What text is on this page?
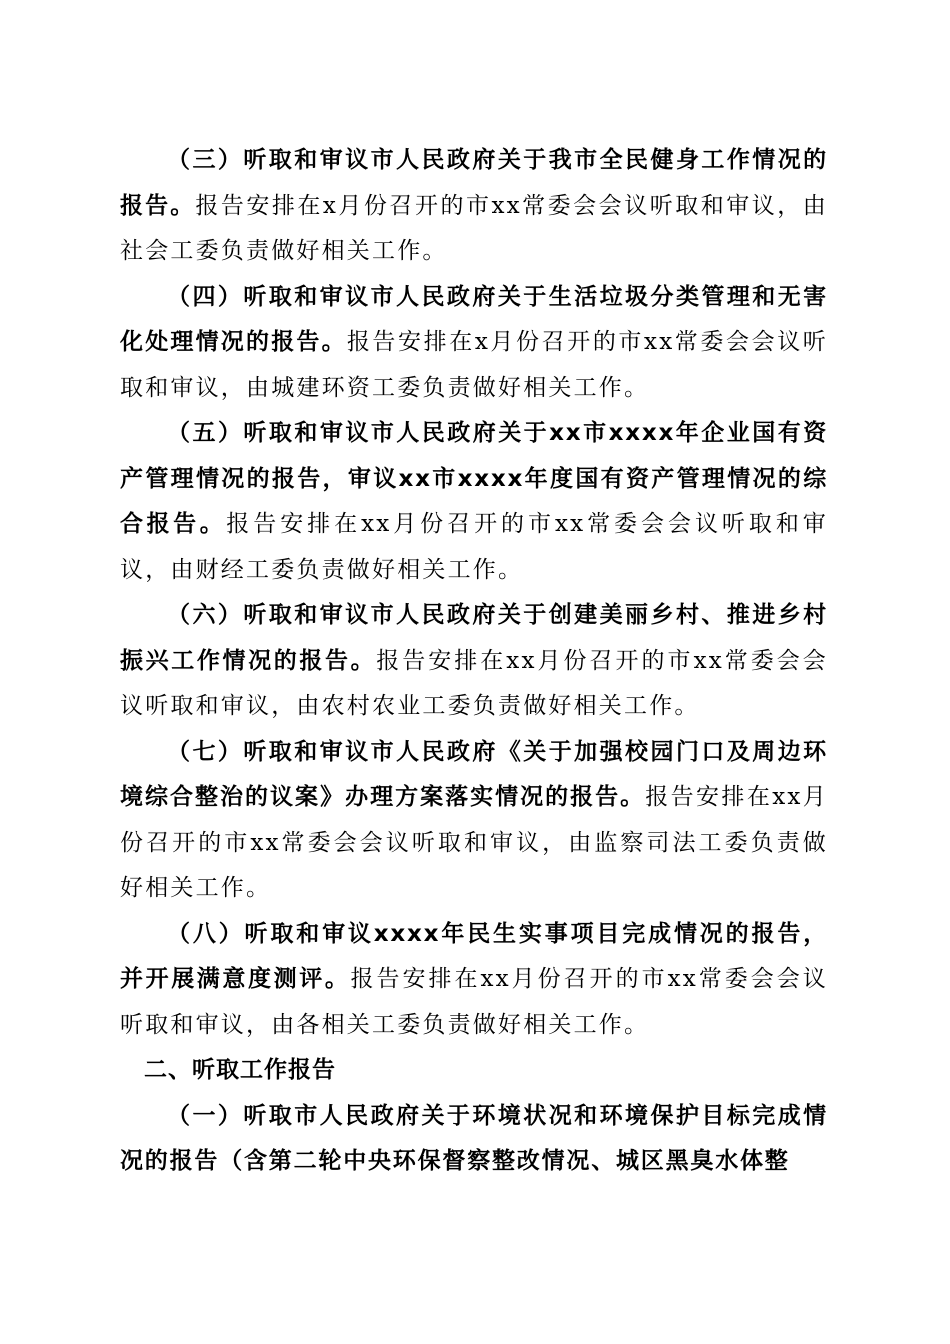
（三）听取和审议市人民政府关于我市全民健身工作情况的报告。报告安排在x月份召开的市xx常委会会议听取和审议，由社会工委负责做好相关工作。

（四）听取和审议市人民政府关于生活垃圾分类管理和无害化处理情况的报告。报告安排在x月份召开的市xx常委会会议听取和审议，由城建环资工委负责做好相关工作。

（五）听取和审议市人民政府关于xx市xxxx年企业国有资产管理情况的报告，审议xx市xxxx年度国有资产管理情况的综合报告。报告安排在xx月份召开的市xx常委会会议听取和审议，由财经工委负责做好相关工作。

（六）听取和审议市人民政府关于创建美丽乡村、推进乡村振兴工作情况的报告。报告安排在xx月份召开的市xx常委会会议听取和审议，由农村农业工委负责做好相关工作。

（七）听取和审议市人民政府《关于加强校园门口及周边环境综合整治的议案》办理方案落实情况的报告。报告安排在xx月份召开的市xx常委会会议听取和审议，由监察司法工委负责做好相关工作。

（八）听取和审议xxxx年民生实事项目完成情况的报告，并开展满意度测评。报告安排在xx月份召开的市xx常委会会议听取和审议，由各相关工委负责做好相关工作。

二、听取工作报告

（一）听取市人民政府关于环境状况和环境保护目标完成情况的报告（含第二轮中央环保督察整改情况、城区黑臭水体整
